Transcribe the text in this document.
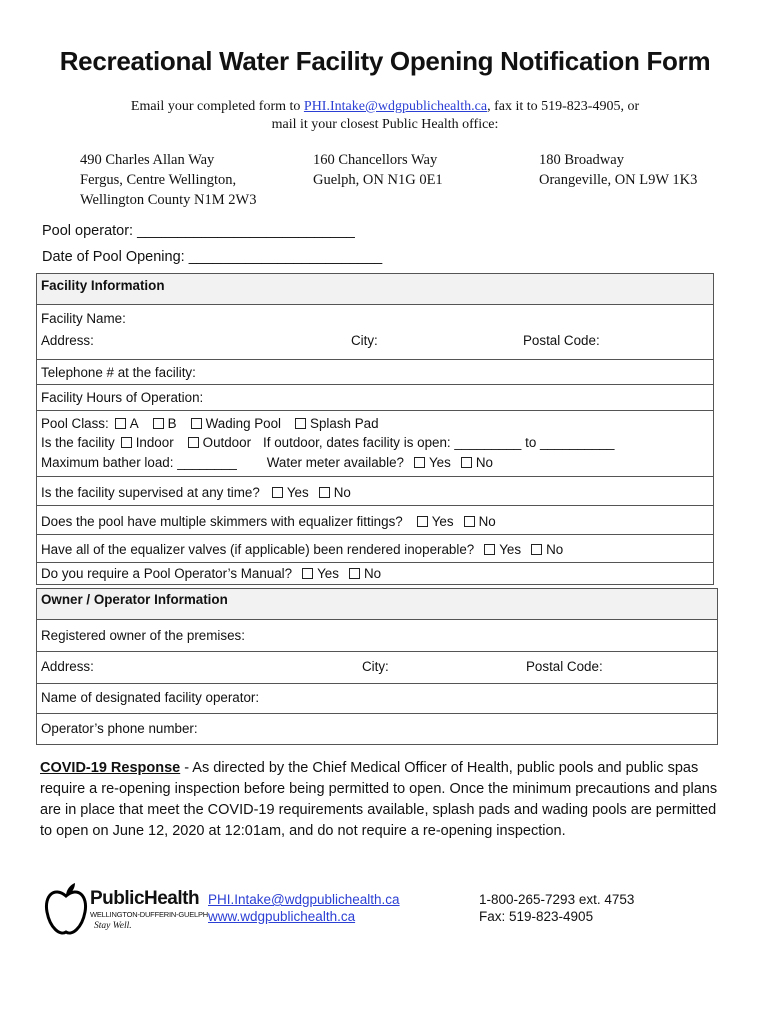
Recreational Water Facility Opening Notification Form
Email your completed form to PHI.Intake@wdgpublichealth.ca, fax it to 519-823-4905, or
mail it your closest Public Health office:
490 Charles Allan Way
Fergus, Centre Wellington,
Wellington County N1M 2W3
160 Chancellors Way
Guelph, ON N1G 0E1
180 Broadway
Orangeville, ON L9W 1K3
Pool operator: ___________________________
Date of Pool Opening: ________________________
Facility Information
Facility Name:
Address:	City:	Postal Code:
Telephone # at the facility:
Facility Hours of Operation:
Pool Class: A B Wading Pool Splash Pad
Is the facility Indoor Outdoor If outdoor, dates facility is open: _________ to __________
Maximum bather load: ________ Water meter available? Yes No
Is the facility supervised at any time? Yes No
Does the pool have multiple skimmers with equalizer fittings? Yes No
Have all of the equalizer valves (if applicable) been rendered inoperable? Yes No
Do you require a Pool Operator’s Manual? Yes No
Owner / Operator Information
Registered owner of the premises:
Address:	City:	Postal Code:
Name of designated facility operator:
Operator’s phone number:
COVID-19 Response - As directed by the Chief Medical Officer of Health, public pools and public spas require a re-opening inspection before being permitted to open. Once the minimum precautions and plans are in place that meet the COVID-19 requirements available, splash pads and wading pools are permitted to open on June 12, 2020 at 12:01am, and do not require a re-opening inspection.
PublicHealth
WELLINGTON-DUFFERIN-GUELPH
Stay Well.
PHI.Intake@wdgpublichealth.ca
www.wdgpublichealth.ca
1-800-265-7293 ext. 4753
Fax: 519-823-4905
